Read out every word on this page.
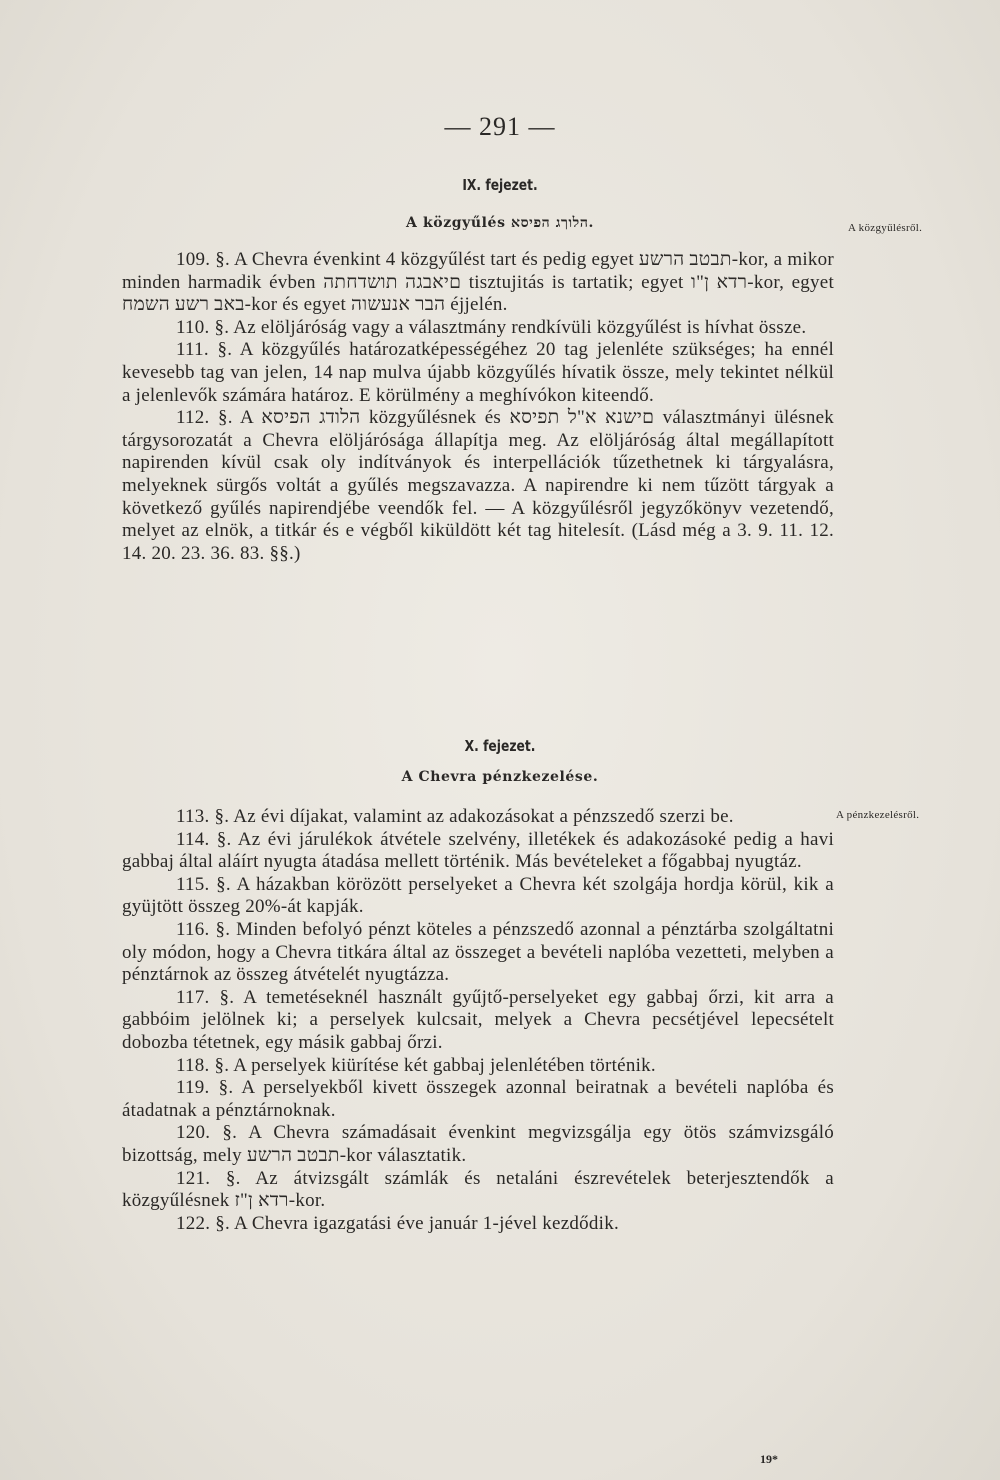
— 291 —
IX. fejezet.
A közgyűlés הלוךג הפיסא.	A közgyűlésről.

109. §. A Chevra évenkint 4 közgyűlést tart és pedig egyet תבטב הרשע-kor, a mikor minden harmadik évben םיאבגה תושדחתה tisztujitás is tartatik; egyet רדא ן"ו-kor, egyet באב רשע השמח-kor és egyet הבר אנעשוה éjjelén.

110. §. Az elöljáróság vagy a választmány rendkívüli közgyűlést is hívhat össze.

111. §. A közgyűlés határozatképességéhez 20 tag jelenléte szükséges; ha ennél kevesebb tag van jelen, 14 nap mulva újabb közgyűlés hívatik össze, mely tekintet nélkül a jelenlevők számára határoz. E körülmény a meghívókon kiteendő.

112. §. A הלודג הפיסא közgyűlésnek és םישנא א"ל תפיסא választmányi ülésnek tárgysorozatát a Chevra elöljárósága állapítja meg. Az elöljáróság által megállapított napirenden kívül csak oly indítványok és interpellációk tűzethetnek ki tárgyalásra, melyeknek sürgős voltát a gyűlés megszavazza. A napirendre ki nem tűzött tárgyak a következő gyűlés napirendjébe veendők fel. — A közgyűlésről jegyzőkönyv vezetendő, melyet az elnök, a titkár és e végből kiküldött két tag hitelesít. (Lásd még a 3. 9. 11. 12. 14. 20. 23. 36. 83. §§.)

X. fejezet.
A Chevra pénzkezelése.
A pénzkezelésről.

113. §. Az évi díjakat, valamint az adakozásokat a pénzszedő szerzi be.

114. §. Az évi járulékok átvétele szelvény, illetékek és adakozásoké pedig a havi gabbaj által aláírt nyugta átadása mellett történik. Más bevételeket a főgabbaj nyugtáz.

115. §. A házakban körözött perselyeket a Chevra két szolgája hordja körül, kik a gyüjtött összeg 20%-át kapják.

116. §. Minden befolyó pénzt köteles a pénzszedő azonnal a pénztárba szolgáltatni oly módon, hogy a Chevra titkára által az összeget a bevételi naplóba vezetteti, melyben a pénztárnok az összeg átvételét nyugtázza.

117. §. A temetéseknél használt gyűjtő-perselyeket egy gabbaj őrzi, kit arra a gabbóim jelölnek ki; a perselyek kulcsait, melyek a Chevra pecsétjével lepecsételt dobozba tétetnek, egy másik gabbaj őrzi.

118. §. A perselyek kiürítése két gabbaj jelenlétében történik.

119. §. A perselyekből kivett összegek azonnal beiratnak a bevételi naplóba és átadatnak a pénztárnoknak.

120. §. A Chevra számadásait évenkint megvizsgálja egy ötös számvizsgáló bizottság, mely תבטב הרשע-kor választatik.

121. §. Az átvizsgált számlák és netaláni észrevételek beterjesztendők a közgyűlésnek רדא ן"ז-kor.

122. §. A Chevra igazgatási éve január 1-jével kezdődik.

19*
